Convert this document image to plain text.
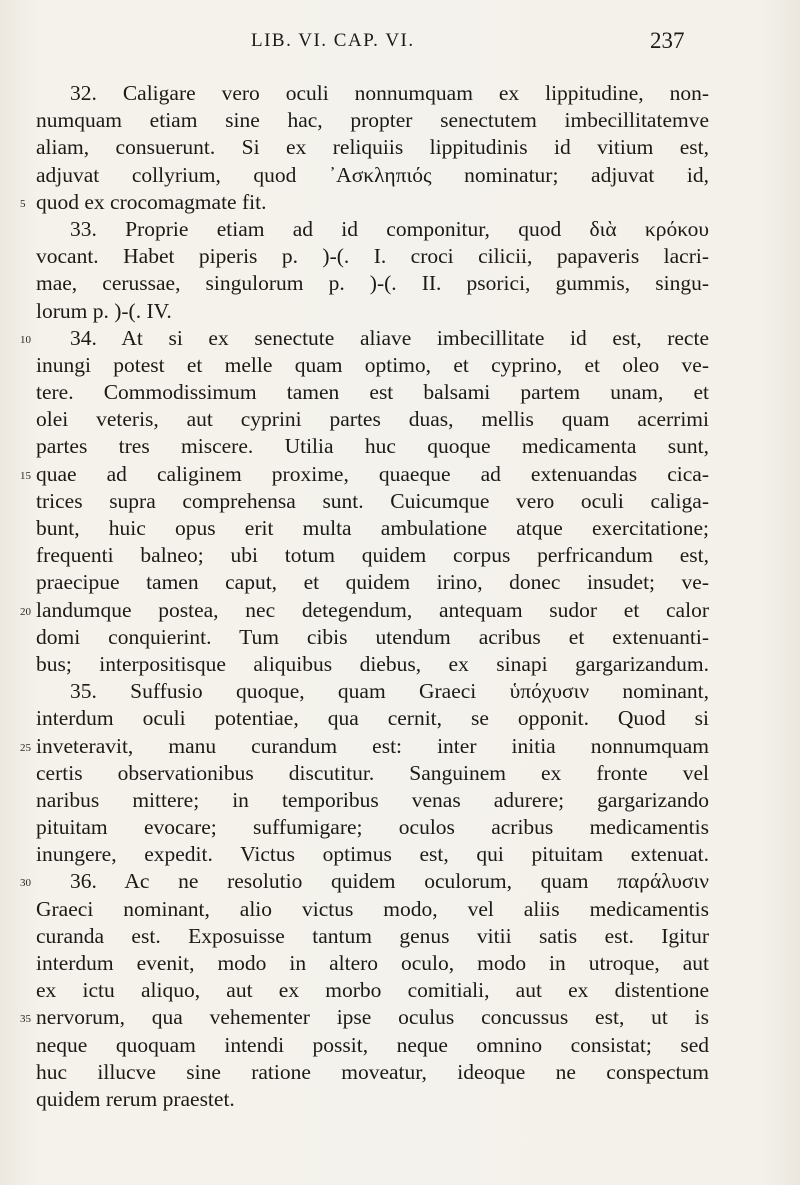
LIB. VI. CAP. VI.	237
32. Caligare vero oculi nonnumquam ex lippitudine, non-
numquam etiam sine hac, propter senectutem imbecillitatemve
aliam, consuerunt. Si ex reliquiis lippitudinis id vitium est,
adjuvat collyrium, quod ᾿Ασκληπιός nominatur; adjuvat id,
5 quod ex crocomagmate fit.
33. Proprie etiam ad id componitur, quod διὰ κρόκου
vocant. Habet piperis p. )-(. I. croci cilicii, papaveris lacri-
mae, cerussae, singulorum p. )-(. II. psorici, gummis, singu-
lorum p. )-(. IV.
10	34. At si ex senectute aliave imbecillitate id est, recte
inungi potest et melle quam optimo, et cyprino, et oleo ve-
tere. Commodissimum tamen est balsami partem unam, et
olei veteris, aut cyprini partes duas, mellis quam acerrimi
partes tres miscere. Utilia huc quoque medicamenta sunt,
15 quae ad caliginem proxime, quaeque ad extenuandas cica-
trices supra comprehensa sunt. Cuicumque vero oculi caliga-
bunt, huic opus erit multa ambulatione atque exercitatione;
frequenti balneo; ubi totum quidem corpus perfricandum est,
praecipue tamen caput, et quidem irino, donec insudet; ve-
20 landumque postea, nec detegendum, antequam sudor et calor
domi conquierint. Tum cibis utendum acribus et extenuanti-
bus; interpositisque aliquibus diebus, ex sinapi gargarizandum.
35. Suffusio quoque, quam Graeci ὑπόχυσιν nominant,
interdum oculi potentiae, qua cernit, se opponit. Quod si
25 inveteravit, manu curandum est: inter initia nonnumquam
certis observationibus discutitur. Sanguinem ex fronte vel
naribus mittere; in temporibus venas adurere; gargarizando
pituitam evocare; suffumigare; oculos acribus medicamentis
inungere, expedit. Victus optimus est, qui pituitam extenuat.
30	36. Ac ne resolutio quidem oculorum, quam παράλυσιν
Graeci nominant, alio victus modo, vel aliis medicamentis
curanda est. Exposuisse tantum genus vitii satis est. Igitur
interdum evenit, modo in altero oculo, modo in utroque, aut
ex ictu aliquo, aut ex morbo comitiali, aut ex distentione
35 nervorum, qua vehementer ipse oculus concussus est, ut is
neque quoquam intendi possit, neque omnino consistat; sed
huc illucve sine ratione moveatur, ideoque ne conspectum
quidem rerum praestet.
